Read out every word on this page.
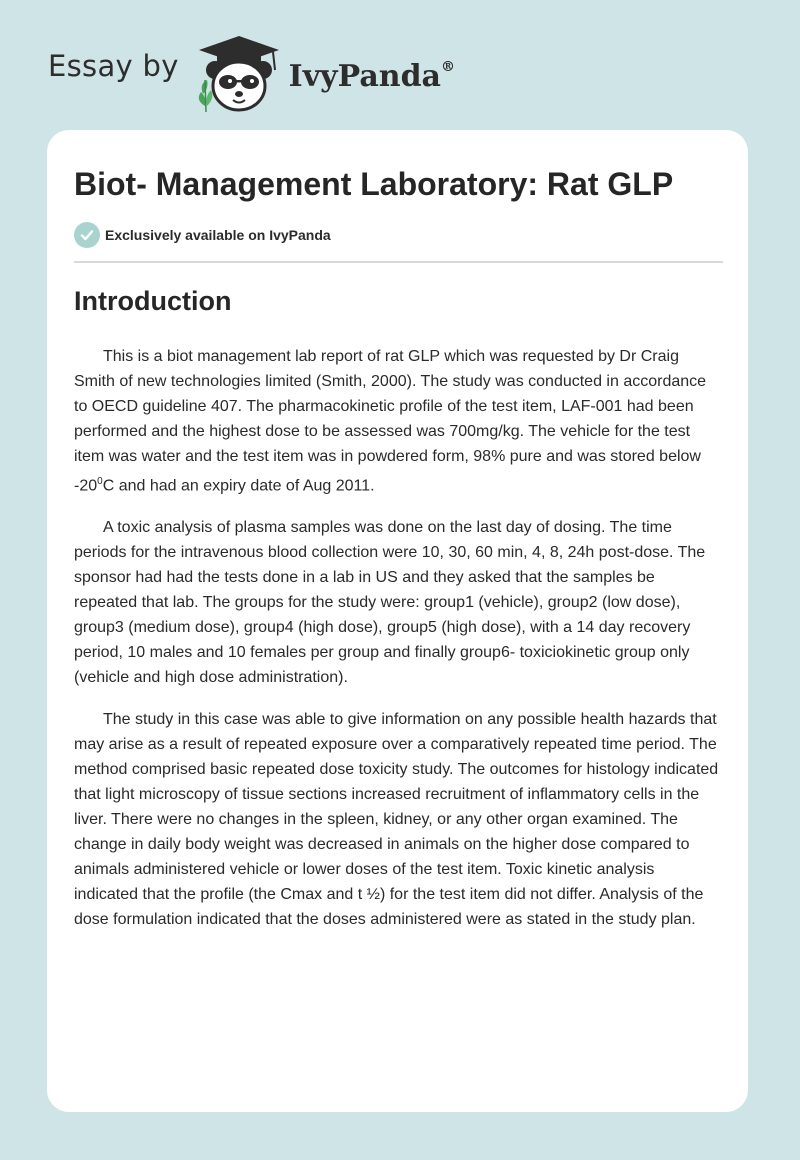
Essay by	IvyPanda®
Biot- Management Laboratory: Rat GLP
Exclusively available on IvyPanda
Introduction

This is a biot management lab report of rat GLP which was requested by Dr Craig Smith of new technologies limited (Smith, 2000). The study was conducted in accordance to OECD guideline 407. The pharmacokinetic profile of the test item, LAF-001 had been performed and the highest dose to be assessed was 700mg/kg. The vehicle for the test item was water and the test item was in powdered form, 98% pure and was stored below $-20^0C$ and had an expiry date of Aug 2011.

A toxic analysis of plasma samples was done on the last day of dosing. The time periods for the intravenous blood collection were 10, 30, 60 min, 4, 8, 24h post-dose. The sponsor had had the tests done in a lab in US and they asked that the samples be repeated that lab. The groups for the study were: group1 (vehicle), group2 (low dose), group3 (medium dose), group4 (high dose), group5 (high dose), with a 14 day recovery period, 10 males and 10 females per group and finally group6- toxiciokinetic group only (vehicle and high dose administration).

The study in this case was able to give information on any possible health hazards that may arise as a result of repeated exposure over a comparatively repeated time period. The method comprised basic repeated dose toxicity study. The outcomes for histology indicated that light microscopy of tissue sections increased recruitment of inflammatory cells in the liver. There were no changes in the spleen, kidney, or any other organ examined. The change in daily body weight was decreased in animals on the higher dose compared to animals administered vehicle or lower doses of the test item. Toxic kinetic analysis indicated that the profile (the Cmax and t ½) for the test item did not differ. Analysis of the dose formulation indicated that the doses administered were as stated in the study plan.
